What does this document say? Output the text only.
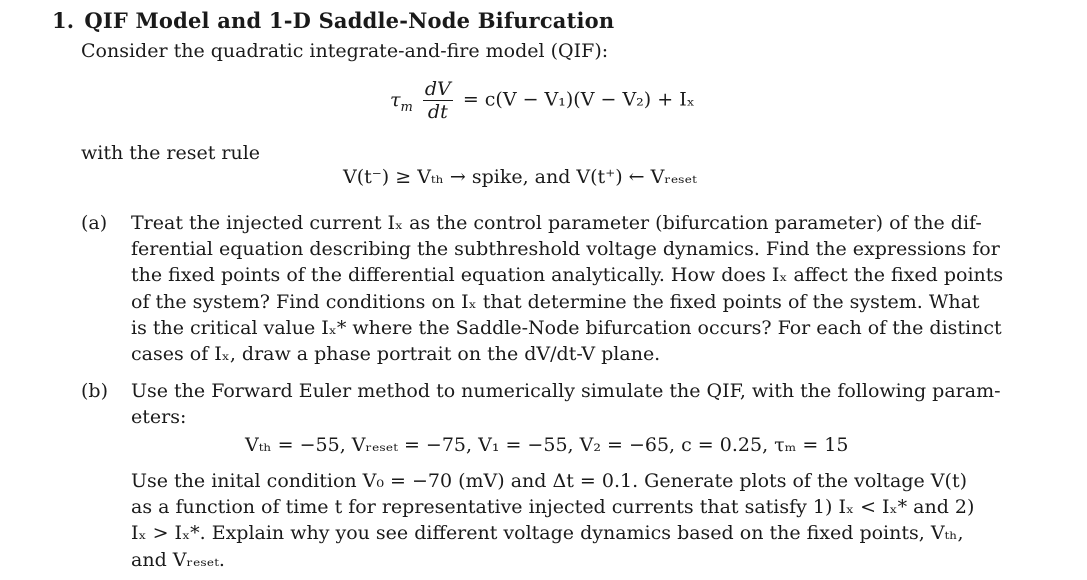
1. QIF Model and 1-D Saddle-Node Bifurcation
Consider the quadratic integrate-and-fire model (QIF):
$\tau_m \frac{dV}{dt} = c(V - V_1)(V - V_2) + I_x$
with the reset rule
V(t⁻) ≥ Vₜₕ → spike, and V(t⁺) ← Vᵣₑₛₑₜ
(a) Treat the injected current Iₓ as the control parameter (bifurcation parameter) of the dif-
ferential equation describing the subthreshold voltage dynamics. Find the expressions for
the fixed points of the differential equation analytically. How does Iₓ affect the fixed points
of the system? Find conditions on Iₓ that determine the fixed points of the system. What
is the critical value Iₓ* where the Saddle-Node bifurcation occurs? For each of the distinct
cases of Iₓ, draw a phase portrait on the dV/dt-V plane.
(b) Use the Forward Euler method to numerically simulate the QIF, with the following param-
eters:
Vₜₕ = −55, Vᵣₑₛₑₜ = −75, V₁ = −55, V₂ = −65, c = 0.25, τₘ = 15
Use the inital condition V₀ = −70 (mV) and Δt = 0.1. Generate plots of the voltage V(t)
as a function of time t for representative injected currents that satisfy 1) Iₓ < Iₓ* and 2)
Iₓ > Iₓ*. Explain why you see different voltage dynamics based on the fixed points, Vₜₕ,
and Vᵣₑₛₑₜ.
